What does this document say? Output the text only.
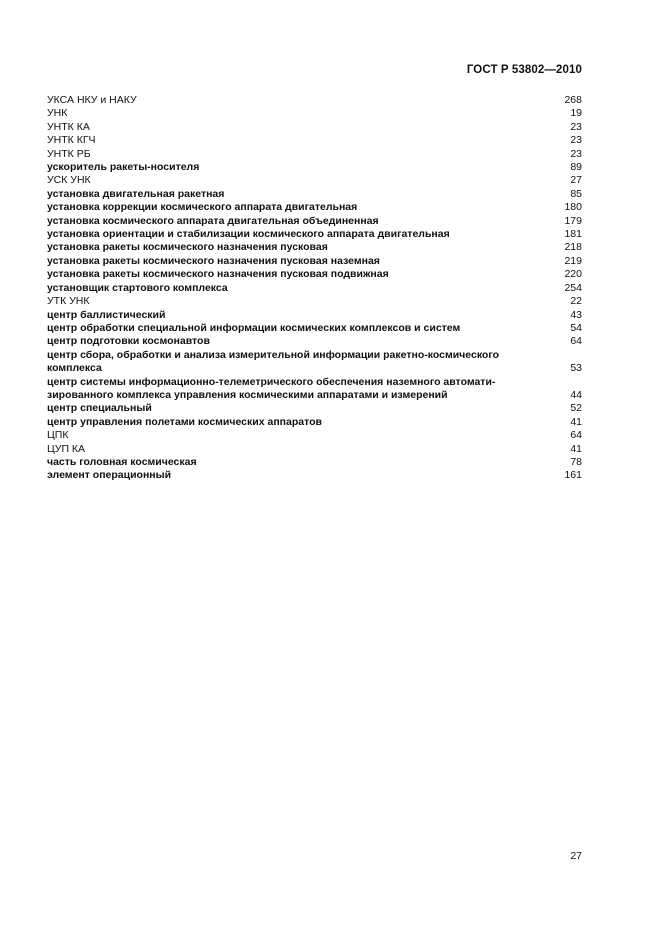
ГОСТ Р 53802—2010
УКСА НКУ и НАКУ	268
УНК	19
УНТК КА	23
УНТК КГЧ	23
УНТК РБ	23
ускоритель ракеты-носителя	89
УСК УНК	27
установка двигательная ракетная	85
установка коррекции космического аппарата двигательная	180
установка космического аппарата двигательная объединенная	179
установка ориентации и стабилизации космического аппарата двигательная	181
установка ракеты космического назначения пусковая	218
установка ракеты космического назначения пусковая наземная	219
установка ракеты космического назначения пусковая подвижная	220
установщик стартового комплекса	254
УТК УНК	22
центр баллистический	43
центр обработки специальной информации космических комплексов и систем	54
центр подготовки космонавтов	64
центр сбора, обработки и анализа измерительной информации ракетно-космического комплекса	53
центр системы информационно-телеметрического обеспечения наземного автоматизированного комплекса управления космическими аппаратами и измерений	44
центр специальный	52
центр управления полетами космических аппаратов	41
ЦПК	64
ЦУП КА	41
часть головная космическая	78
элемент операционный	161
27
